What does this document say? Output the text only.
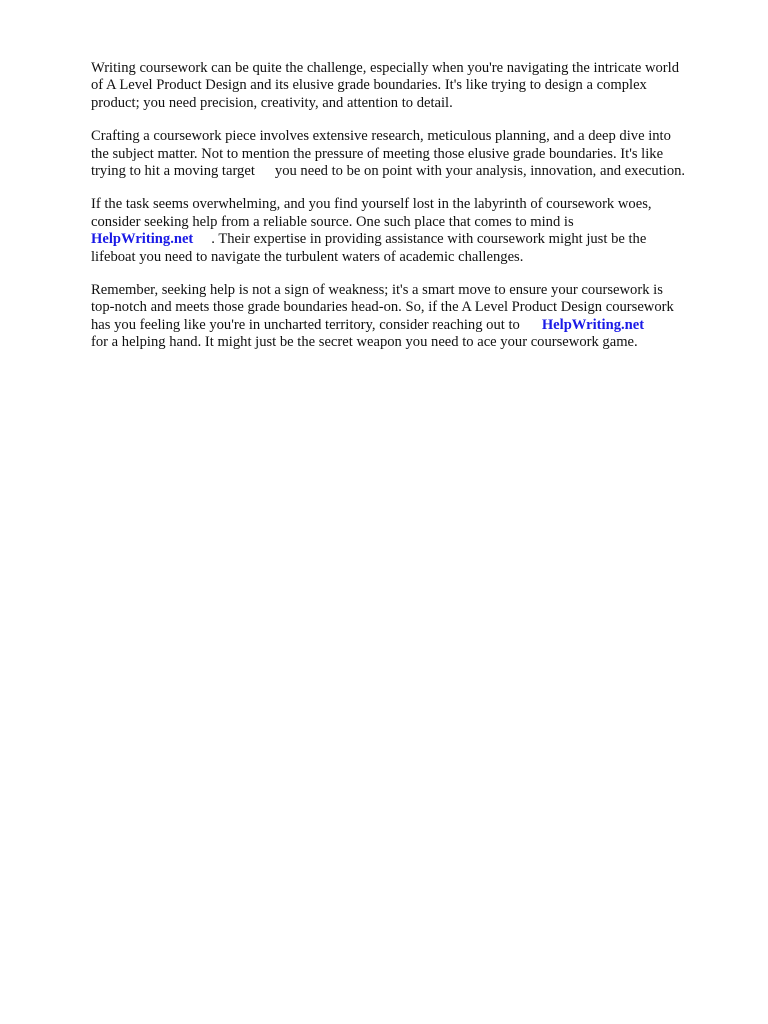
Writing coursework can be quite the challenge, especially when you're navigating the intricate world
of A Level Product Design and its elusive grade boundaries. It's like trying to design a complex
product; you need precision, creativity, and attention to detail.

Crafting a coursework piece involves extensive research, meticulous planning, and a deep dive into
the subject matter. Not to mention the pressure of meeting those elusive grade boundaries. It's like
trying to hit a moving target you need to be on point with your analysis, innovation, and execution.

If the task seems overwhelming, and you find yourself lost in the labyrinth of coursework woes,
consider seeking help from a reliable source. One such place that comes to mind is
HelpWriting.net . Their expertise in providing assistance with coursework might just be the
lifeboat you need to navigate the turbulent waters of academic challenges.

Remember, seeking help is not a sign of weakness; it's a smart move to ensure your coursework is
top-notch and meets those grade boundaries head-on. So, if the A Level Product Design coursework
has you feeling like you're in uncharted territory, consider reaching out to HelpWriting.net
for a helping hand. It might just be the secret weapon you need to ace your coursework game.
